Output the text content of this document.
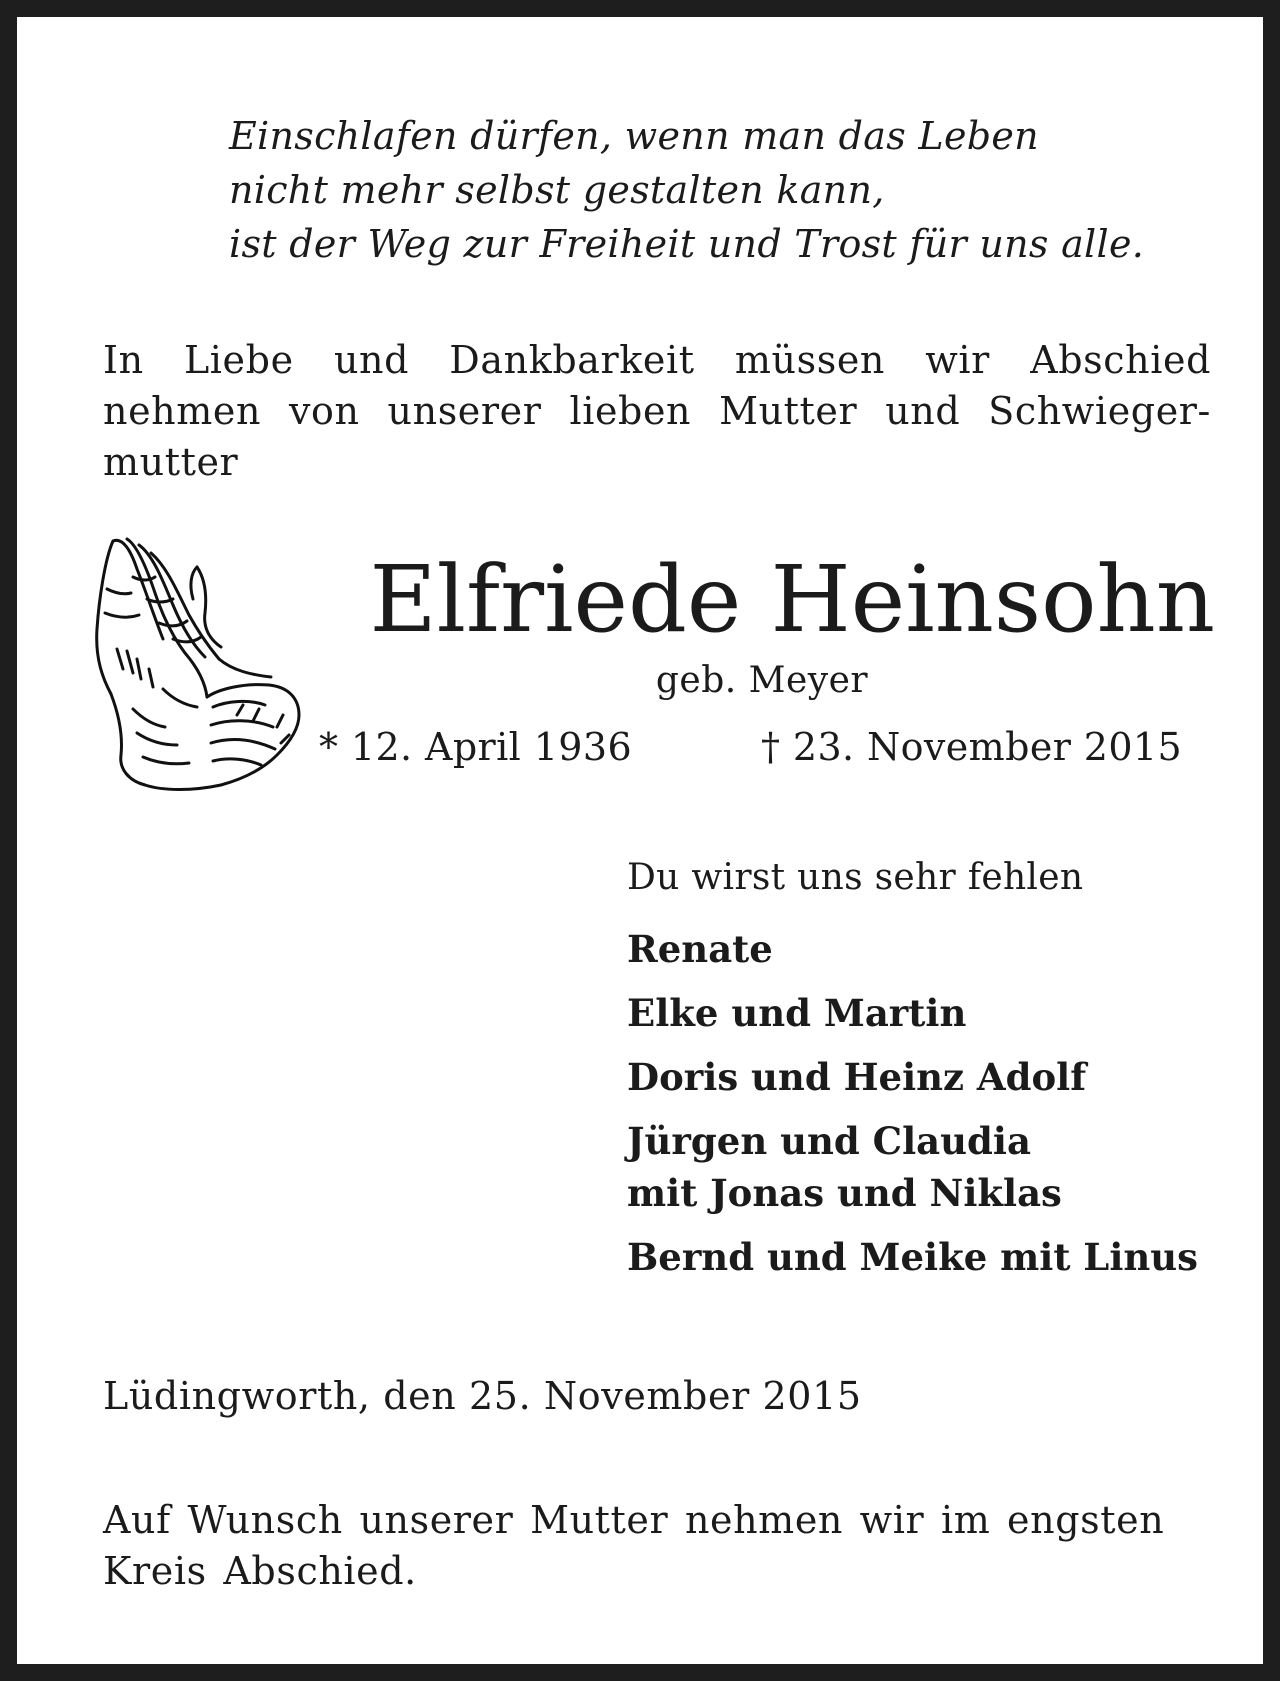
Einschlafen dürfen, wenn man das Leben
nicht mehr selbst gestalten kann,
ist der Weg zur Freiheit und Trost für uns alle.
In Liebe und Dankbarkeit müssen wir Abschied
nehmen von unserer lieben Mutter und Schwieger-
mutter
Elfriede Heinsohn
geb. Meyer
* 12. April 1936	† 23. November 2015
Du wirst uns sehr fehlen
Renate
Elke und Martin
Doris und Heinz Adolf
Jürgen und Claudia
mit Jonas und Niklas
Bernd und Meike mit Linus
Lüdingworth, den 25. November 2015
Auf Wunsch unserer Mutter nehmen wir im engsten Kreis Abschied.
